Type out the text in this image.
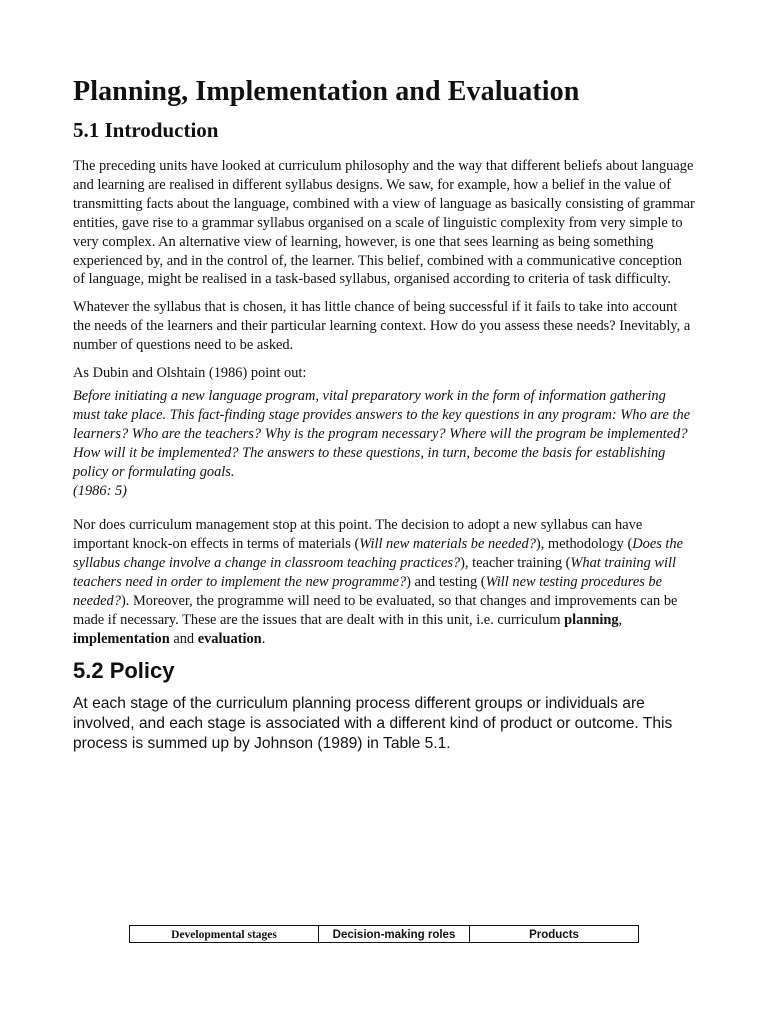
Planning, Implementation and Evaluation
5.1 Introduction

The preceding units have looked at curriculum philosophy and the way that different beliefs about language and learning are realised in different syllabus designs. We saw, for example, how a belief in the value of transmitting facts about the language, combined with a view of language as basically consisting of grammar entities, gave rise to a grammar syllabus organised on a scale of linguistic complexity from very simple to very complex. An alternative view of learning, however, is one that sees learning as being something experienced by, and in the control of, the learner. This belief, combined with a communicative conception of language, might be realised in a task-based syllabus, organised according to criteria of task difficulty.

Whatever the syllabus that is chosen, it has little chance of being successful if it fails to take into account the needs of the learners and their particular learning context. How do you assess these needs? Inevitably, a number of questions need to be asked.

As Dubin and Olshtain (1986) point out:

Before initiating a new language program, vital preparatory work in the form of information gathering must take place. This fact-finding stage provides answers to the key questions in any program: Who are the learners? Who are the teachers? Why is the program necessary? Where will the program be implemented? How will it be implemented? The answers to these questions, in turn, become the basis for establishing policy or formulating goals.
(1986: 5)

Nor does curriculum management stop at this point. The decision to adopt a new syllabus can have important knock-on effects in terms of materials (Will new materials be needed?), methodology (Does the syllabus change involve a change in classroom teaching practices?), teacher training (What training will teachers need in order to implement the new programme?) and testing (Will new testing procedures be needed?). Moreover, the programme will need to be evaluated, so that changes and improvements can be made if necessary. These are the issues that are dealt with in this unit, i.e. curriculum planning, implementation and evaluation.

5.2 Policy

At each stage of the curriculum planning process different groups or individuals are involved, and each stage is associated with a different kind of product or outcome. This process is summed up by Johnson (1989) in Table 5.1.

Developmental stages	Decision-making roles	Products
